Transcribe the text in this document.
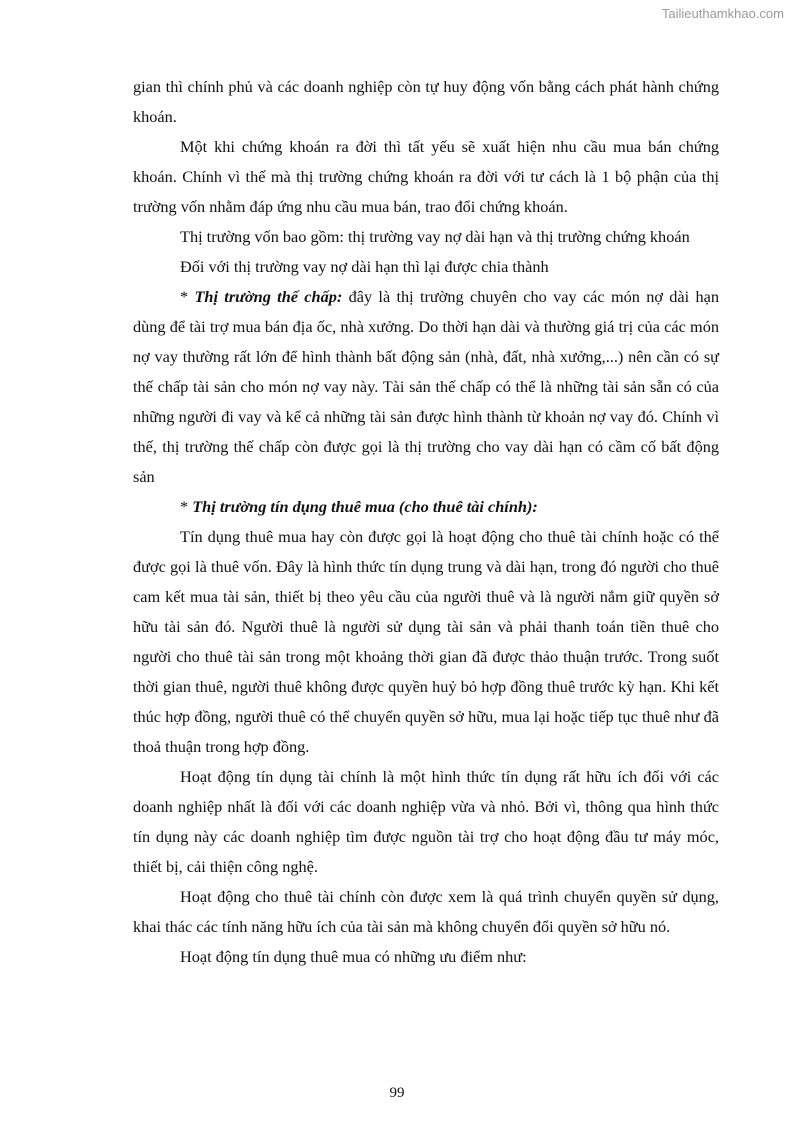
Tailieuthamkhao.com

gian thì chính phủ và các doanh nghiệp còn tự huy động vốn bằng cách phát hành chứng khoán.

Một khi chứng khoán ra đời thì tất yếu sẽ xuất hiện nhu cầu mua bán chứng khoán. Chính vì thế mà thị trường chứng khoán ra đời với tư cách là 1 bộ phận của thị trường vốn nhằm đáp ứng nhu cầu mua bán, trao đổi chứng khoán.

Thị trường vốn bao gồm: thị trường vay nợ dài hạn và thị trường chứng khoán

Đối với thị trường vay nợ dài hạn thì lại được chia thành

* Thị trường thế chấp: đây là thị trường chuyên cho vay các món nợ dài hạn dùng để tài trợ mua bán địa ốc, nhà xưởng. Do thời hạn dài và thường giá trị của các món nợ vay thường rất lớn để hình thành bất động sản (nhà, đất, nhà xưởng,...) nên cần có sự thế chấp tài sản cho món nợ vay này. Tài sản thế chấp có thể là những tài sản sẵn có của những người đi vay và kể cả những tài sản được hình thành từ khoản nợ vay đó. Chính vì thế, thị trường thế chấp còn được gọi là thị trường cho vay dài hạn có cầm cố bất động sản

* Thị trường tín dụng thuê mua (cho thuê tài chính):

Tín dụng thuê mua hay còn được gọi là hoạt động cho thuê tài chính hoặc có thể được gọi là thuê vốn. Đây là hình thức tín dụng trung và dài hạn, trong đó người cho thuê cam kết mua tài sản, thiết bị theo yêu cầu của người thuê và là người nắm giữ quyền sở hữu tài sản đó. Người thuê là người sử dụng tài sản và phải thanh toán tiền thuê cho người cho thuê tài sản trong một khoảng thời gian đã được thảo thuận trước. Trong suốt thời gian thuê, người thuê không được quyền huỷ bỏ hợp đồng thuê trước kỳ hạn. Khi kết thúc hợp đồng, người thuê có thể chuyển quyền sở hữu, mua lại hoặc tiếp tục thuê như đã thoả thuận trong hợp đồng.

Hoạt động tín dụng tài chính là một hình thức tín dụng rất hữu ích đối với các doanh nghiệp nhất là đối với các doanh nghiệp vừa và nhỏ. Bởi vì, thông qua hình thức tín dụng này các doanh nghiệp tìm được nguồn tài trợ cho hoạt động đầu tư máy móc, thiết bị, cải thiện công nghệ.

Hoạt động cho thuê tài chính còn được xem là quá trình chuyển quyền sử dụng, khai thác các tính năng hữu ích của tài sản mà không chuyển đổi quyền sở hữu nó.

Hoạt động tín dụng thuê mua có những ưu điểm như:

99
